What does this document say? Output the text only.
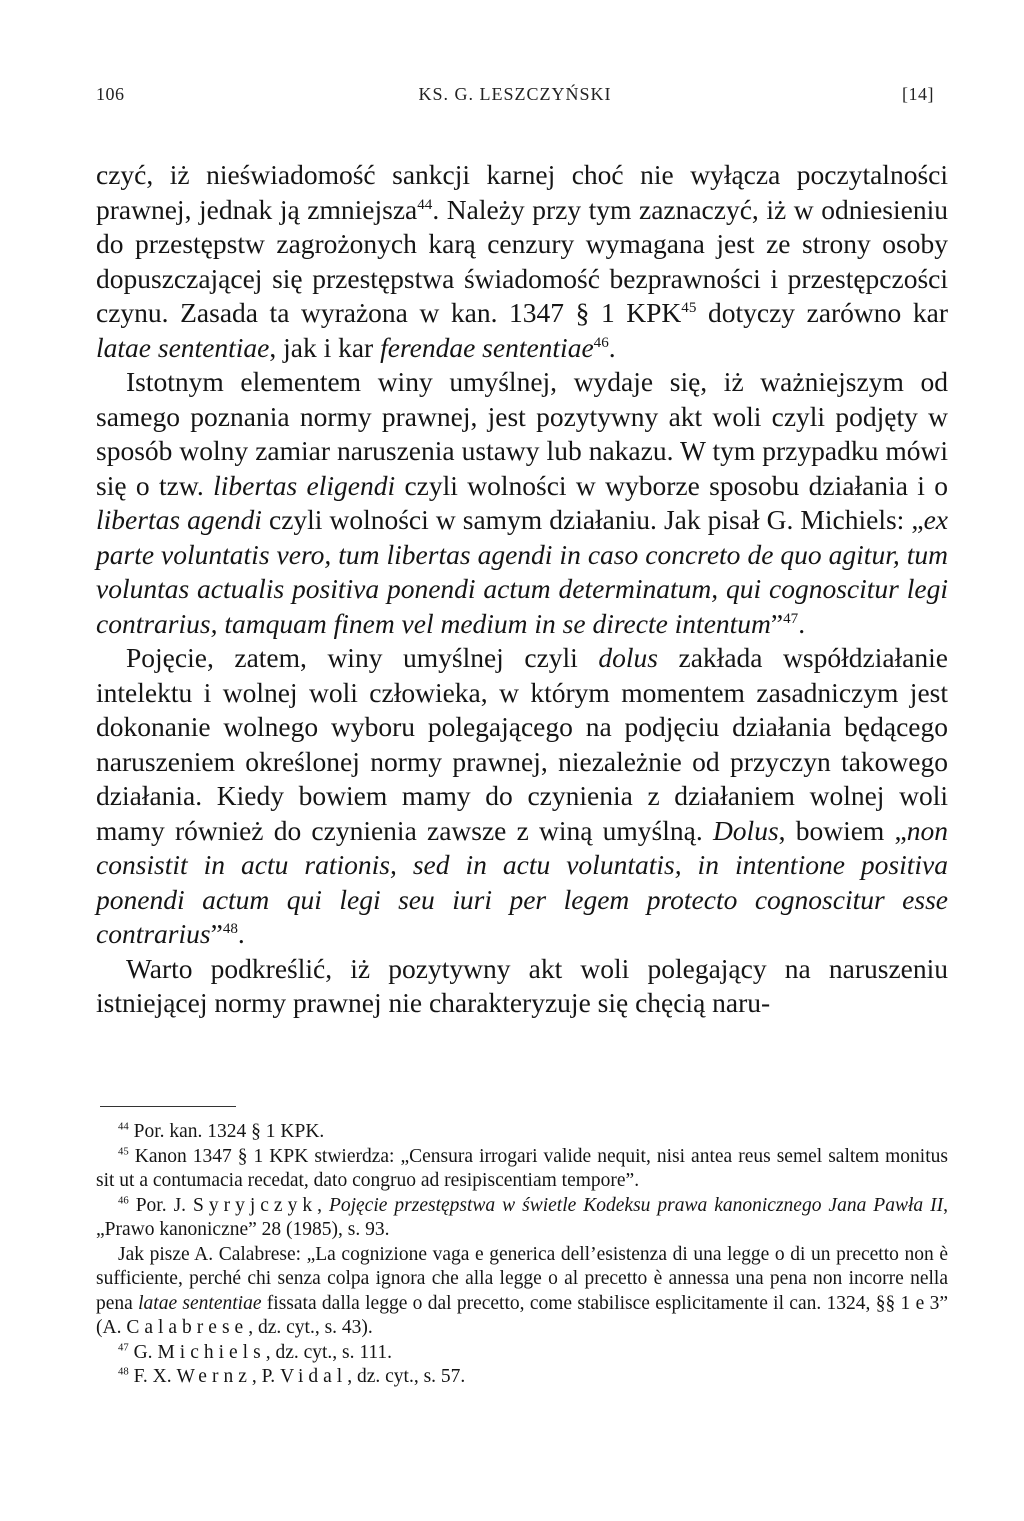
106	KS. G. LESZCZYŃSKI	[14]

czyć, iż nieświadomość sankcji karnej choć nie wyłącza poczytalności prawnej, jednak ją zmniejsza$^{44}$. Należy przy tym zaznaczyć, iż w odniesieniu do przestępstw zagrożonych karą cenzury wymagana jest ze strony osoby dopuszczającej się przestępstwa świadomość bezprawności i przestępczości czynu. Zasada ta wyrażona w kan. 1347 § 1 KPK$^{45}$ dotyczy zarówno kar latae sententiae, jak i kar ferendae sententiae$^{46}$.

Istotnym elementem winy umyślnej, wydaje się, iż ważniejszym od samego poznania normy prawnej, jest pozytywny akt woli czyli podjęty w sposób wolny zamiar naruszenia ustawy lub nakazu. W tym przypadku mówi się o tzw. libertas eligendi czyli wolności w wyborze sposobu działania i o libertas agendi czyli wolności w samym działaniu. Jak pisał G. Michiels: „ex parte voluntatis vero, tum libertas agendi in caso concreto de quo agitur, tum voluntas actualis positiva ponendi actum determinatum, qui cognoscitur legi contrarius, tamquam finem vel medium in se directe intentum”$^{47}$.

Pojęcie, zatem, winy umyślnej czyli dolus zakłada współdziałanie intelektu i wolnej woli człowieka, w którym momentem zasadniczym jest dokonanie wolnego wyboru polegającego na podjęciu działania będącego naruszeniem określonej normy prawnej, niezależnie od przyczyn takowego działania. Kiedy bowiem mamy do czynienia z działaniem wolnej woli mamy również do czynienia zawsze z winą umyślną. Dolus, bowiem „non consistit in actu rationis, sed in actu voluntatis, in intentione positiva ponendi actum qui legi seu iuri per legem protecto cognoscitur esse contrarius”$^{48}$.

Warto podkreślić, iż pozytywny akt woli polegający na naruszeniu istniejącej normy prawnej nie charakteryzuje się chęcią naru-

$^{44}$ Por. kan. 1324 § 1 KPK.

$^{45}$ Kanon 1347 § 1 KPK stwierdza: „Censura irrogari valide nequit, nisi antea reus semel saltem monitus sit ut a contumacia recedat, dato congruo ad resipiscentiam tempore”.

$^{46}$ Por. J. Syryjczyk, Pojęcie przestępstwa w świetle Kodeksu prawa kanonicznego Jana Pawła II, „Prawo kanoniczne” 28 (1985), s. 93.

Jak pisze A. Calabrese: „La cognizione vaga e generica dell’esistenza di una legge o di un precetto non è sufficiente, perché chi senza colpa ignora che alla legge o al precetto è annessa una pena non incorre nella pena latae sententiae fissata dalla legge o dal precetto, come stabilisce esplicitamente il can. 1324, §§ 1 e 3” (A. Calabrese, dz. cyt., s. 43).

$^{47}$ G. Michiels, dz. cyt., s. 111.

$^{48}$ F. X. Wernz, P. Vidal, dz. cyt., s. 57.
